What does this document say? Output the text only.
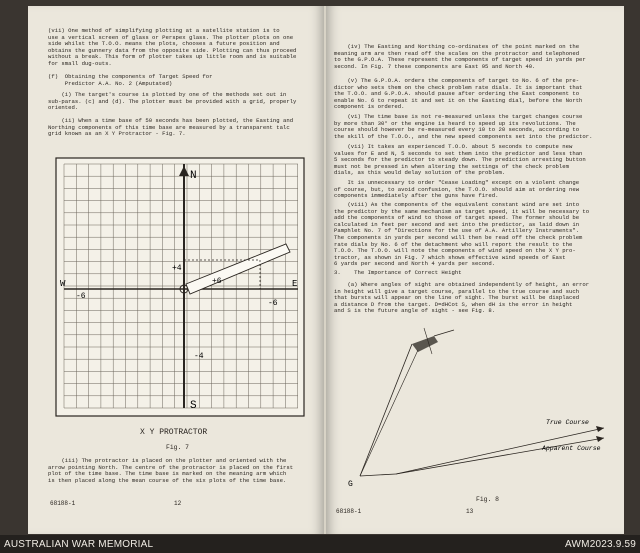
(vii) One method of simplifying plotting at a satellite station is to
use a vertical screen of glass or Perspex glass. The plotter plots on one
side whilst the T.O.O. means the plots, chooses a future position and
obtains the gunnery data from the opposite side. Plotting can thus proceed
without a break. This form of plotter takes up little room and is suitable
for small dug-outs.
(f)  Obtaining the components of Target Speed for
Predictor A.A. No. 2 (Amputated)
(i) The target's course is plotted by one of the methods set out in
sub-paras. (c) and (d). The plotter must be provided with a grid, properly
oriented.
(ii) When a time base of 50 seconds has been plotted, the Easting and
Northing components of this time base are measured by a transparent talc
grid known as an X Y Protractor - Fig. 7.
N
S
W	E
+6
-6
-6
+4
-4
X Y PROTRACTOR
Fig. 7
(iii) The protractor is placed on the plotter and oriented with the
arrow pointing North. The centre of the protractor is placed on the first
plot of the time base. The time base is marked on the meaning arm which
is then placed along the mean course of the six plots of the time base.
68188-1	12
(iv) The Easting and Northing co-ordinates of the point marked on the
meaning arm are then read off the scales on the protractor and telephoned
to the G.P.O.A. These represent the components of target speed in yards per
second. In Fig. 7 these components are East 95 and North 40.
(v) The G.P.O.A. orders the components of target to No. 6 of the pre-
dictor who sets them on the check problem rate dials. It is important that
the T.O.O. and G.P.O.A. should pause after ordering the East component to
enable No. 6 to repeat it and set it on the Easting dial, before the North
component is ordered.
(vi) The time base is not re-measured unless the target changes course
by more than 30° or the engine is heard to speed up its revolutions. The
course should however be re-measured every 10 to 20 seconds, according to
the skill of the T.O.O., and the new speed components set into the predictor.
(vii) It takes an experienced T.O.O. about 5 seconds to compute new
values for E and N, 5 seconds to set them into the predictor and less than
5 seconds for the predictor to steady down. The prediction arresting button
must not be pressed in when altering the settings of the check problem
dials, as this would delay solution of the problem.
It is unnecessary to order "Cease Loading" except on a violent change
of course, but, to avoid confusion, the T.O.O. should aim at ordering new
components immediately after the guns have fired.
(viii) As the components of the equivalent constant wind are set into
the predictor by the same mechanism as target speed, it will be necessary to
add the components of wind to those of target speed. The former should be
calculated in feet per second and set into the predictor, as laid down in
Pamphlet No. 7 of "Directions for the use of A.A. Artillery Instruments".
The components in yards per second will then be read off the check problem
rate dials by No. 6 of the detachment who will report the result to the
T.O.O. The T.O.O. will note the components of wind speed on the X Y pro-
tractor, as shown in Fig. 7 which shows effective wind speeds of East
6 yards per second and North 4 yards per second.
3.    The Importance of Correct Height
(a) Where angles of sight are obtained independently of height, an error
in height will give a target course, parallel to the true course and such
that bursts will appear on the line of sight. The burst will be displaced
a distance D from the target. D=dHCot S, when dH is the error in height
and S is the future angle of sight - see Fig. 8.
True Course
Apparent Course
G
Fig. 8
68188-1	13
AUSTRALIAN WAR MEMORIAL	AWM2023.9.59
